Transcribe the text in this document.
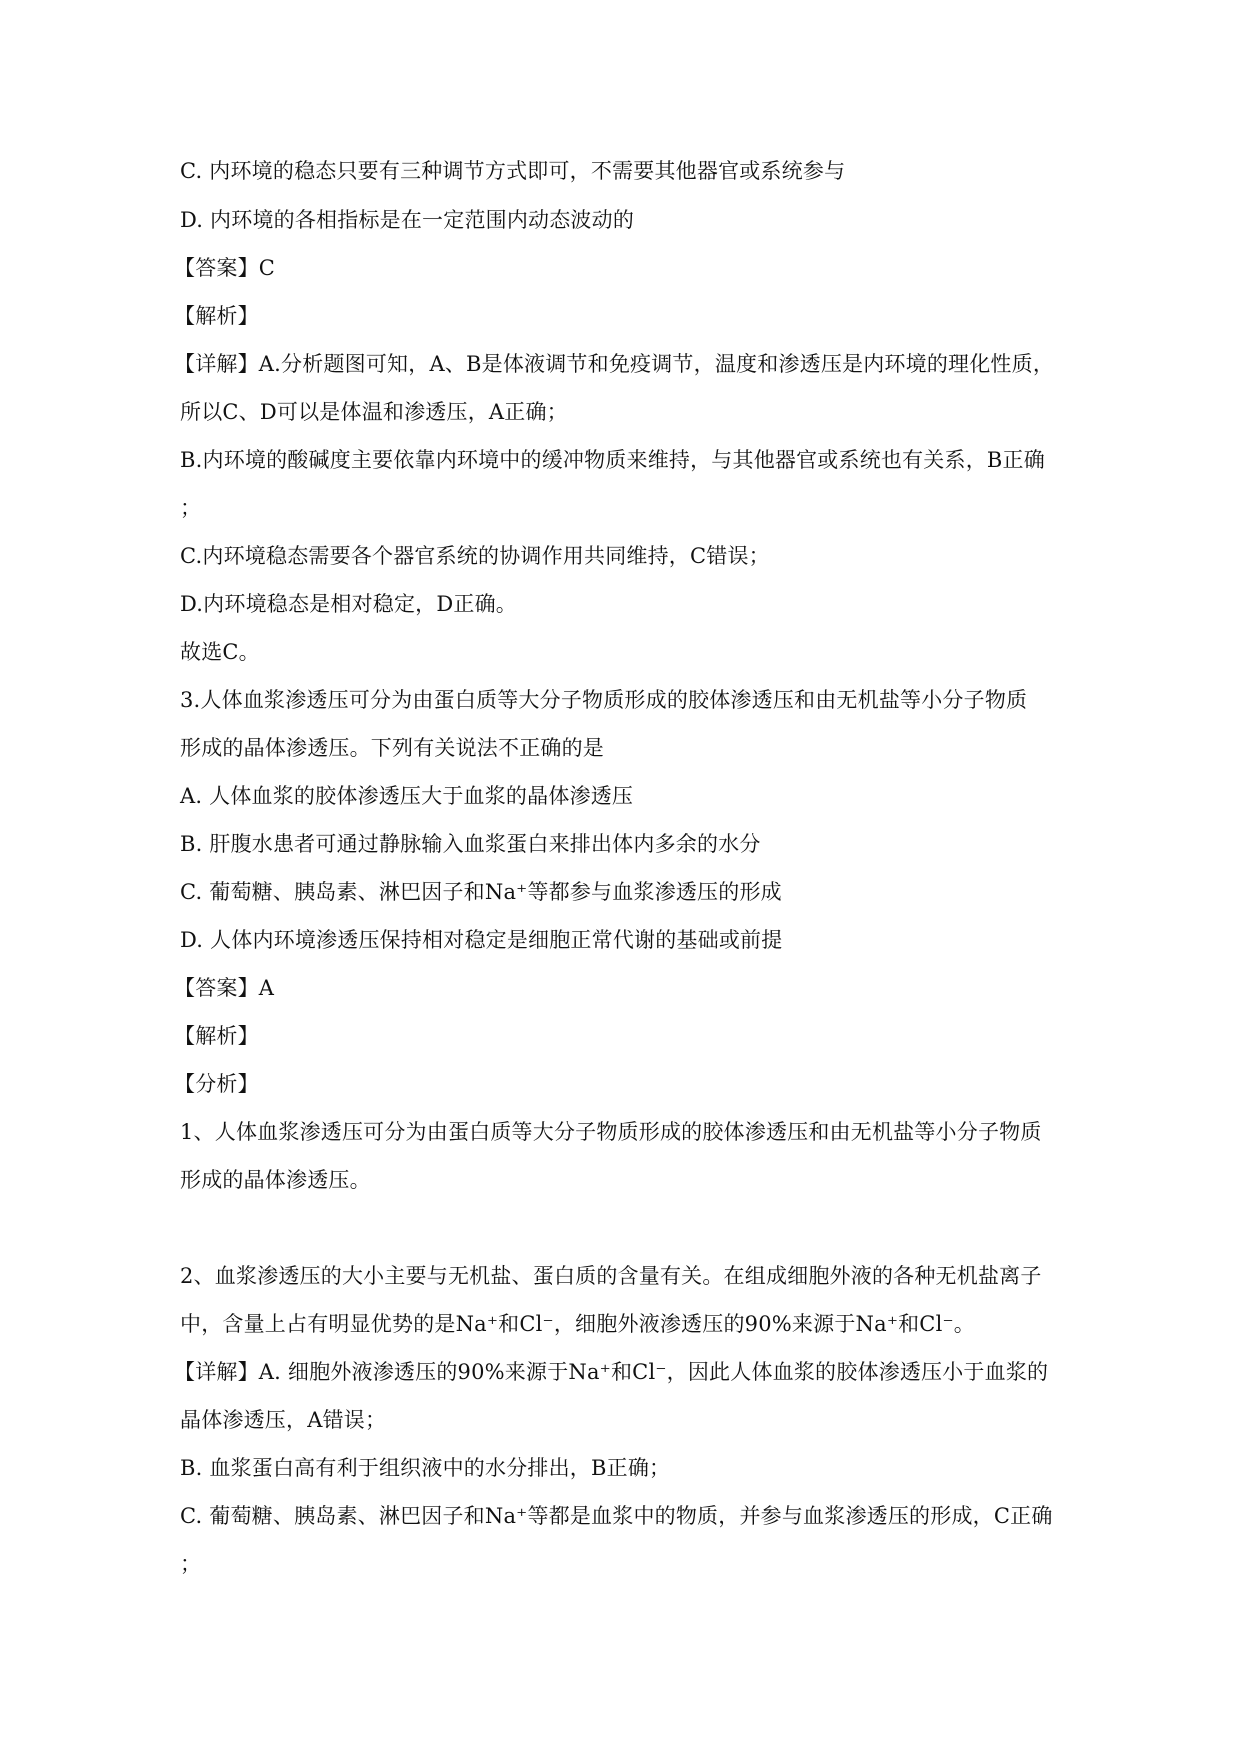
C. 内环境的稳态只要有三种调节方式即可，不需要其他器官或系统参与
D. 内环境的各相指标是在一定范围内动态波动的
【答案】C
【解析】
【详解】A.分析题图可知，A、B是体液调节和免疫调节，温度和渗透压是内环境的理化性质，
所以C、D可以是体温和渗透压，A正确；
B.内环境的酸碱度主要依靠内环境中的缓冲物质来维持，与其他器官或系统也有关系，B正确
；
C.内环境稳态需要各个器官系统的协调作用共同维持，C错误；
D.内环境稳态是相对稳定，D正确。
故选C。
3.人体血浆渗透压可分为由蛋白质等大分子物质形成的胶体渗透压和由无机盐等小分子物质
形成的晶体渗透压。下列有关说法不正确的是
A. 人体血浆的胶体渗透压大于血浆的晶体渗透压
B. 肝腹水患者可通过静脉输入血浆蛋白来排出体内多余的水分
C. 葡萄糖、胰岛素、淋巴因子和Na⁺等都参与血浆渗透压的形成
D. 人体内环境渗透压保持相对稳定是细胞正常代谢的基础或前提
【答案】A
【解析】
【分析】
1、人体血浆渗透压可分为由蛋白质等大分子物质形成的胶体渗透压和由无机盐等小分子物质
形成的晶体渗透压。
2、血浆渗透压的大小主要与无机盐、蛋白质的含量有关。在组成细胞外液的各种无机盐离子
中，含量上占有明显优势的是Na⁺和Cl⁻，细胞外液渗透压的90%来源于Na⁺和Cl⁻。
【详解】A. 细胞外液渗透压的90%来源于Na⁺和Cl⁻，因此人体血浆的胶体渗透压小于血浆的
晶体渗透压，A错误；
B. 血浆蛋白高有利于组织液中的水分排出，B正确；
C. 葡萄糖、胰岛素、淋巴因子和Na⁺等都是血浆中的物质，并参与血浆渗透压的形成，C正确
；
